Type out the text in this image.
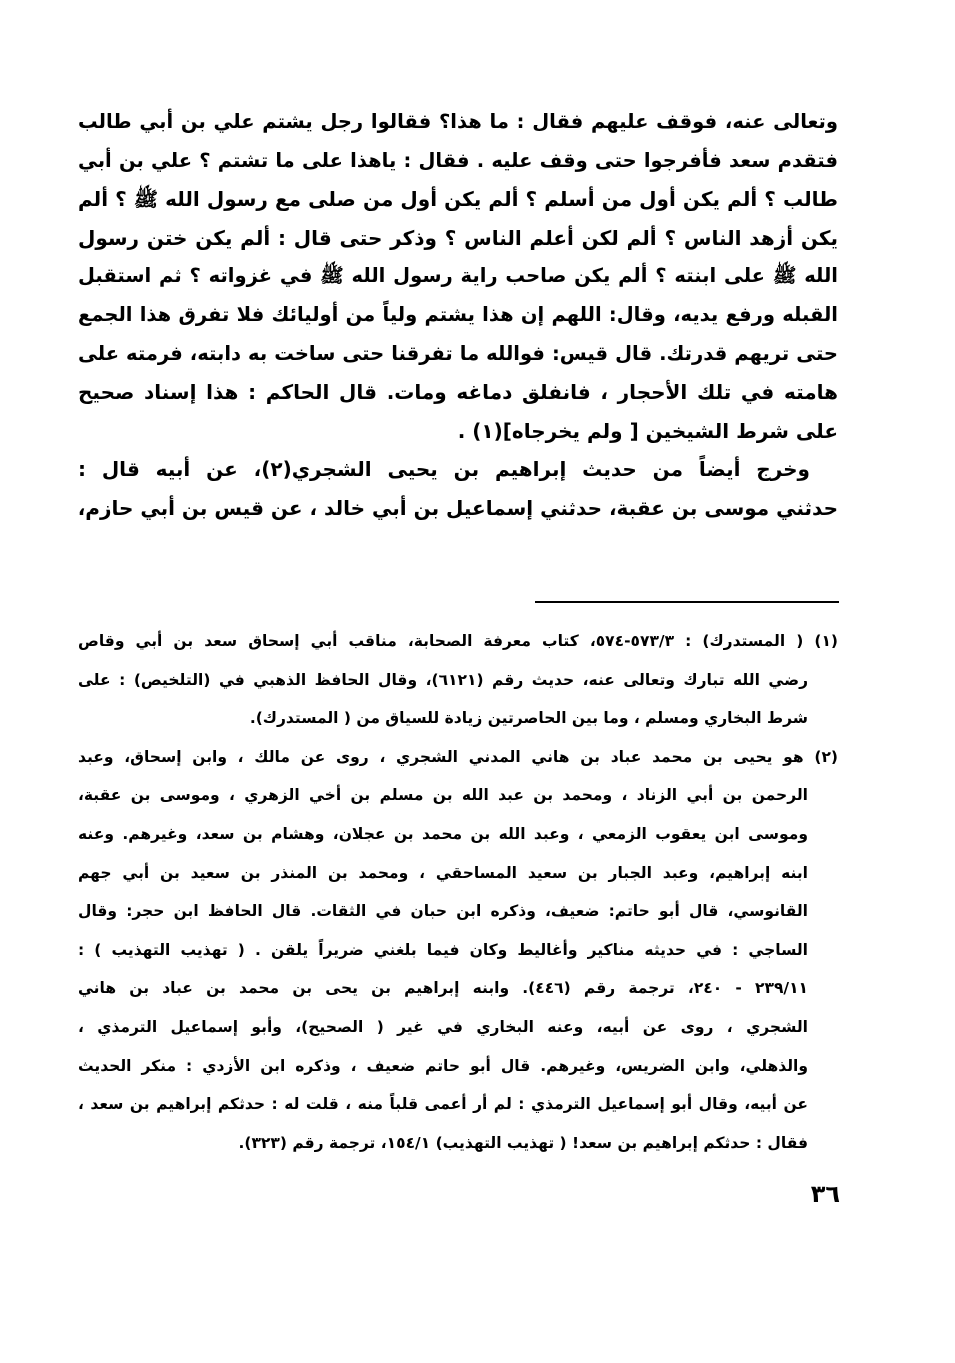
وتعالى عنه، فوقف عليهم فقال : ما هذا؟ فقالوا رجل يشتم علي بن أبي طالب
فتقدم سعد فأفرجوا حتى وقف عليه . فقال : ياهذا على ما تشتم ؟ علي بن أبي
طالب ؟ ألم يكن أول من أسلم ؟ ألم يكن أول من صلى مع رسول الله ﷺ ؟ ألم
يكن أزهد الناس ؟ ألم لكن أعلم الناس ؟ وذكر حتى قال : ألم يكن ختن رسول
الله ﷺ على ابنته ؟ ألم يكن صاحب راية رسول الله ﷺ في غزواته ؟ ثم استقبل
القبله ورفع يديه، وقال: اللهم إن هذا يشتم ولياً من أوليائك فلا تفرق هذا الجمع
حتى تريهم قدرتك. قال قيس: فوالله ما تفرقنا حتى ساخت به دابته، فرمته على
هامته في تلك الأحجار ، فانفلق دماغه ومات. قال الحاكم : هذا إسناد صحيح
على شرط الشيخين [ ولم يخرجاه](١) .
وخرج أيضاً من حديث إبراهيم بن يحيى الشجري(٢)، عن أبيه قال :
حدثني موسى بن عقبة، حدثني إسماعيل بن أبي خالد ، عن قيس بن أبي حازم،
(١) ( المستدرك) : ٥٧٣/٣-٥٧٤، كتاب معرفة الصحابة، مناقب أبي إسحاق سعد بن أبي وقاص
رضي الله تبارك وتعالى عنه، حديث رقم (٦١٢١)، وقال الحافظ الذهبي في (التلخيص) : على
شرط البخاري ومسلم ، وما بين الحاصرتين زيادة للسياق من ( المستدرك).
(٢) هو يحيى بن محمد عباد بن هاني المدني الشجري ، روى عن مالك ، وابن إسحاق، وعبد
الرحمن بن أبي الزناد ، ومحمد بن عبد الله بن مسلم بن أخي الزهري ، وموسى بن عقبة،
وموسى ابن يعقوب الزمعي ، وعبد الله بن محمد بن عجلان، وهشام بن سعد، وغيرهم. وعنه
ابنه إبراهيم، وعبد الجبار بن سعيد المساحقي ، ومحمد بن المنذر بن سعيد بن أبي جهم
القانوسي، قال أبو حاتم: ضعيف، وذكره ابن حبان في الثقات. قال الحافظ ابن حجر: وقال
الساجي : في حديثه مناكير وأغاليط وكان فيما بلغني ضريراً يلقن . ( تهذيب التهذيب ) :
٢٣٩/١١ - ٢٤٠، ترجمة رقم (٤٤٦). وابنه إبراهيم بن يحى بن محمد بن عباد بن هاني
الشجري ، روى عن أبيه، وعنه البخاري في غير ( الصحيح)، وأبو إسماعيل الترمذي ،
والذهلي، وابن الضريس، وغيرهم. قال أبو حاتم ضعيف ، وذكره ابن الأزدي : منكر الحديث
عن أبيه، وقال أبو إسماعيل الترمذي : لم أر أعمى قلباً منه ، قلت له : حدثكم إبراهيم بن سعد ،
فقال : حدثكم إبراهيم بن سعد! ( تهذيب التهذيب) ١٥٤/١، ترجمة رقم (٣٢٣).
٣٦
